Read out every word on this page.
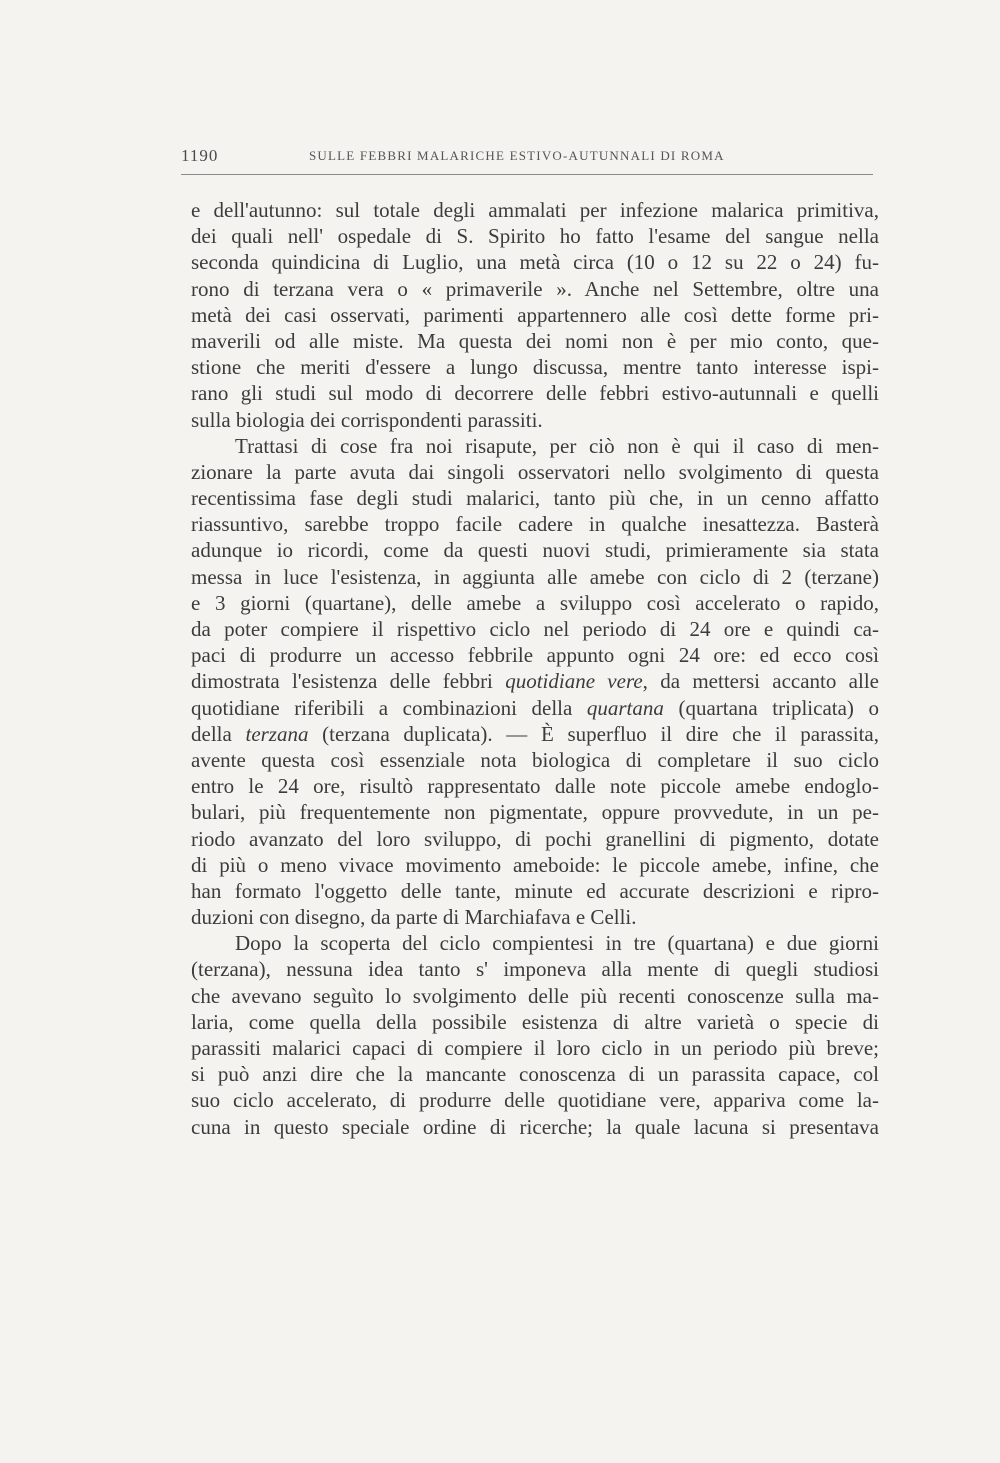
1190	SULLE FEBBRI MALARICHE ESTIVO-AUTUNNALI DI ROMA
e dell'autunno: sul totale degli ammalati per infezione malarica primitiva,
dei quali nell' ospedale di S. Spirito ho fatto l'esame del sangue nella
seconda quindicina di Luglio, una metà circa (10 o 12 su 22 o 24) fu-
rono di terzana vera o « primaverile ». Anche nel Settembre, oltre una
metà dei casi osservati, parimenti appartennero alle così dette forme pri-
maverili od alle miste. Ma questa dei nomi non è per mio conto, que-
stione che meriti d'essere a lungo discussa, mentre tanto interesse ispi-
rano gli studi sul modo di decorrere delle febbri estivo-autunnali e quelli
sulla biologia dei corrispondenti parassiti.
Trattasi di cose fra noi risapute, per ciò non è qui il caso di men-
zionare la parte avuta dai singoli osservatori nello svolgimento di questa
recentissima fase degli studi malarici, tanto più che, in un cenno affatto
riassuntivo, sarebbe troppo facile cadere in qualche inesattezza. Basterà
adunque io ricordi, come da questi nuovi studi, primieramente sia stata
messa in luce l'esistenza, in aggiunta alle amebe con ciclo di 2 (terzane)
e 3 giorni (quartane), delle amebe a sviluppo così accelerato o rapido,
da poter compiere il rispettivo ciclo nel periodo di 24 ore e quindi ca-
paci di produrre un accesso febbrile appunto ogni 24 ore: ed ecco così
dimostrata l'esistenza delle febbri quotidiane vere, da mettersi accanto alle
quotidiane riferibili a combinazioni della quartana (quartana triplicata) o
della terzana (terzana duplicata). — È superfluo il dire che il parassita,
avente questa così essenziale nota biologica di completare il suo ciclo
entro le 24 ore, risultò rappresentato dalle note piccole amebe endoglo-
bulari, più frequentemente non pigmentate, oppure provvedute, in un pe-
riodo avanzato del loro sviluppo, di pochi granellini di pigmento, dotate
di più o meno vivace movimento ameboide: le piccole amebe, infine, che
han formato l'oggetto delle tante, minute ed accurate descrizioni e ripro-
duzioni con disegno, da parte di Marchiafava e Celli.
Dopo la scoperta del ciclo compientesi in tre (quartana) e due giorni
(terzana), nessuna idea tanto s' imponeva alla mente di quegli studiosi
che avevano seguìto lo svolgimento delle più recenti conoscenze sulla ma-
laria, come quella della possibile esistenza di altre varietà o specie di
parassiti malarici capaci di compiere il loro ciclo in un periodo più breve;
si può anzi dire che la mancante conoscenza di un parassita capace, col
suo ciclo accelerato, di produrre delle quotidiane vere, appariva come la-
cuna in questo speciale ordine di ricerche; la quale lacuna si presentava
